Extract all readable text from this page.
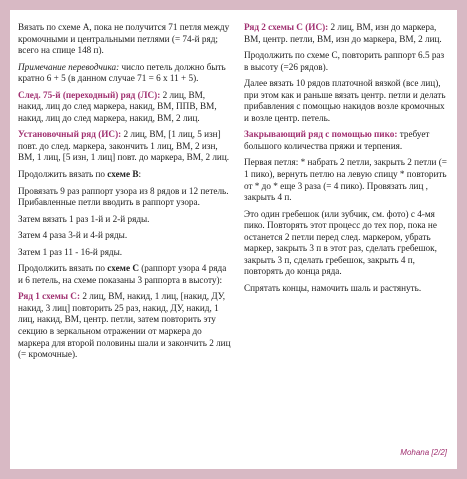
Вязать по схеме А, пока не получится 71 петля между кромочными и центральными петлями (= 74-й ряд; всего на спице 148 п).

Примечание переводчика: число петель должно быть кратно 6 + 5 (в данном случае 71 = 6 х 11 + 5).

След. 75-й (переходный) ряд (ЛС): 2 лиц, ВМ, накид, лиц до след маркера, накид, ВМ, ППВ, ВМ, накид, лиц до след маркера, накид, ВМ, 2 лиц.

Установочный ряд (ИС): 2 лиц, ВМ, [1 лиц, 5 изн] повт. до след. маркера, закончить 1 лиц, ВМ, 2 изн, ВМ, 1 лиц, [5 изн, 1 лиц] повт. до маркера, ВМ, 2 лиц.

Продолжить вязать по схеме В:

Провязать 9 раз раппорт узора из 8 рядов и 12 петель. Прибавленные петли вводить в раппорт узора.

Затем вязать 1 раз 1-й и 2-й ряды.

Затем 4 раза 3-й и 4-й ряды.

Затем 1 раз 11 - 16-й ряды.

Продолжить вязать по схеме С (раппорт узора 4 ряда и 6 петель, на схеме показаны 3 раппорта в высоту):

Ряд 1 схемы С: 2 лиц, ВМ, накид, 1 лиц, [накид, ДУ, накид, 3 лиц] повторить 25 раз, накид, ДУ, накид, 1 лиц, накид, ВМ, центр. петли, затем повторить эту секцию в зеркальном отражении от маркера до маркера для второй половины шали и закончить 2 лиц (= кромочные).

Ряд 2 схемы С (ИС): 2 лиц, ВМ, изн до маркера, ВМ, центр. петли, ВМ, изн до маркера, ВМ, 2 лиц.

Продолжить по схеме С, повторить раппорт 6.5 раз в высоту (=26 рядов).

Далее вязать 10 рядов платочной вязкой (все лиц), при этом как и раньше вязать центр. петли и делать прибавления с помощью накидов возле кромочных и возле центр. петель.

Закрывающий ряд с помощью пико: требует большого количества пряжи и терпения.

Первая петля: * набрать 2 петли, закрыть 2 петли (= 1 пико), вернуть петлю на левую спицу * повторить от * до * еще 3 раза (= 4 пико). Провязать лиц , закрыть 4 п.

Это один гребешок (или зубчик, см. фото) с 4-мя пико. Повторять этот процесс до тех пор, пока не останется 2 петли перед след. маркером, убрать маркер, закрыть 3 п в этот раз, сделать гребешок, закрыть 3 п, сделать гребешок, закрыть 4 п, повторять до конца ряда.

Спрятать концы, намочить шаль и растянуть.

Mohana [2/2]
